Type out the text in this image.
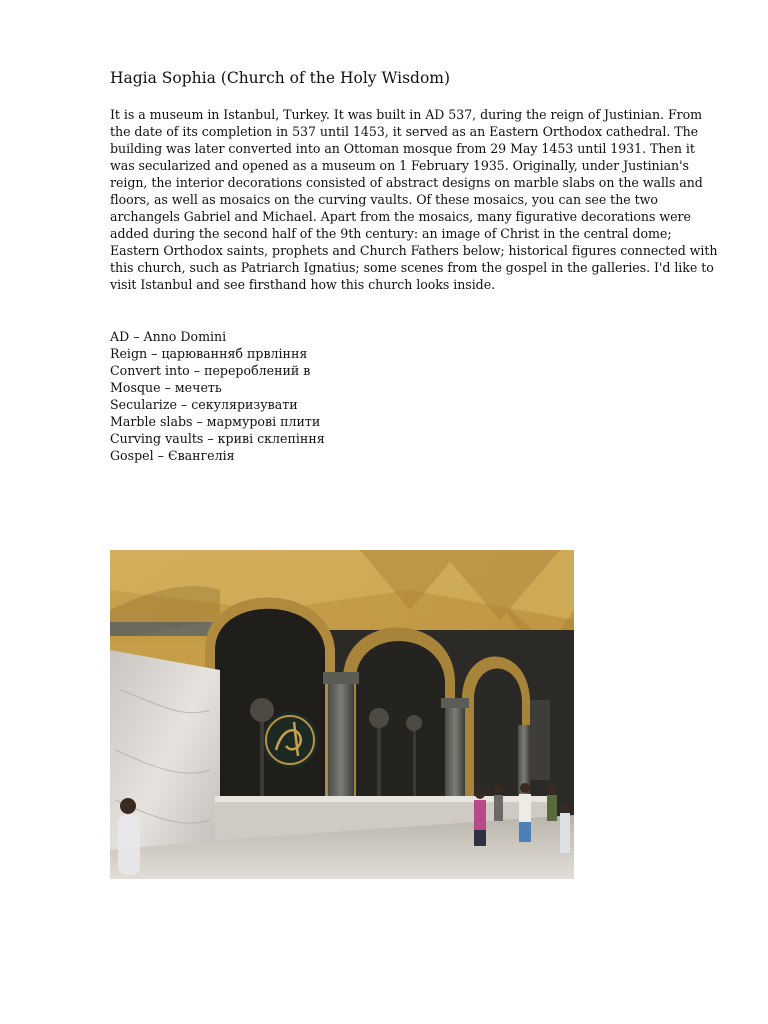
Hagia Sophia (Church of the Holy Wisdom)

It is a museum in Istanbul, Turkey. It was built in AD 537, during the reign of Justinian. From the date of its completion in 537 until 1453, it served as an Eastern Orthodox cathedral. The building was later converted into an Ottoman mosque from 29 May 1453 until 1931. Then it was secularized and opened as a museum on 1 February 1935. Originally, under Justinian's reign, the interior decorations consisted of abstract designs on marble slabs on the walls and floors, as well as mosaics on the curving vaults. Of these mosaics, you can see the two archangels Gabriel and Michael. Apart from the mosaics, many figurative decorations were added during the second half of the 9th century: an image of Christ in the central dome; Eastern Orthodox saints, prophets and Church Fathers below; historical figures connected with this church, such as Patriarch Ignatius; some scenes from the gospel in the galleries. I'd like to visit Istanbul and see firsthand how this church looks inside.

AD – Anno Domini
Reign – царюванняб првління
Convert into – перероблений в
Mosque – мечеть
Secularize – секуляризувати
Marble slabs – мармурові плити
Curving vaults – криві склепіння
Gospel – Євангелія
